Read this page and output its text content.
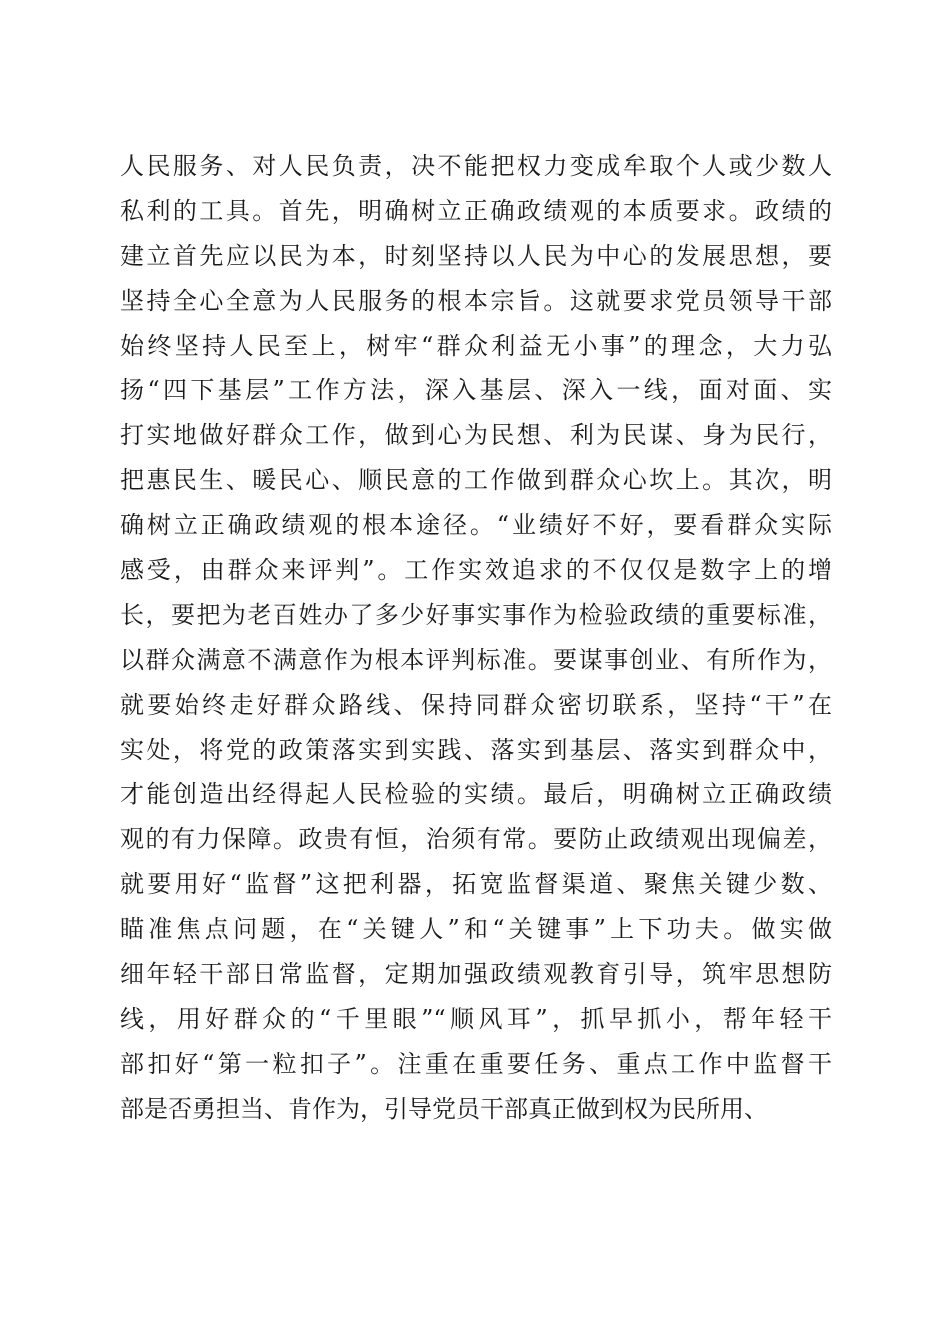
人民服务、对人民负责，决不能把权力变成牟取个人或少数人
私利的工具。首先，明确树立正确政绩观的本质要求。政绩的
建立首先应以民为本，时刻坚持以人民为中心的发展思想，要
坚持全心全意为人民服务的根本宗旨。这就要求党员领导干部
始终坚持人民至上，树牢“群众利益无小事”的理念，大力弘
扬“四下基层”工作方法，深入基层、深入一线，面对面、实
打实地做好群众工作，做到心为民想、利为民谋、身为民行，
把惠民生、暖民心、顺民意的工作做到群众心坎上。其次，明
确树立正确政绩观的根本途径。“业绩好不好，要看群众实际
感受，由群众来评判”。工作实效追求的不仅仅是数字上的增
长，要把为老百姓办了多少好事实事作为检验政绩的重要标准，
以群众满意不满意作为根本评判标准。要谋事创业、有所作为，
就要始终走好群众路线、保持同群众密切联系，坚持“干”在
实处，将党的政策落实到实践、落实到基层、落实到群众中，
才能创造出经得起人民检验的实绩。最后，明确树立正确政绩
观的有力保障。政贵有恒，治须有常。要防止政绩观出现偏差，
就要用好“监督”这把利器，拓宽监督渠道、聚焦关键少数、
瞄准焦点问题，在“关键人”和“关键事”上下功夫。做实做
细年轻干部日常监督，定期加强政绩观教育引导，筑牢思想防
线，用好群众的“千里眼”“顺风耳”，抓早抓小，帮年轻干
部扣好“第一粒扣子”。注重在重要任务、重点工作中监督干
部是否勇担当、肯作为，引导党员干部真正做到权为民所用、
